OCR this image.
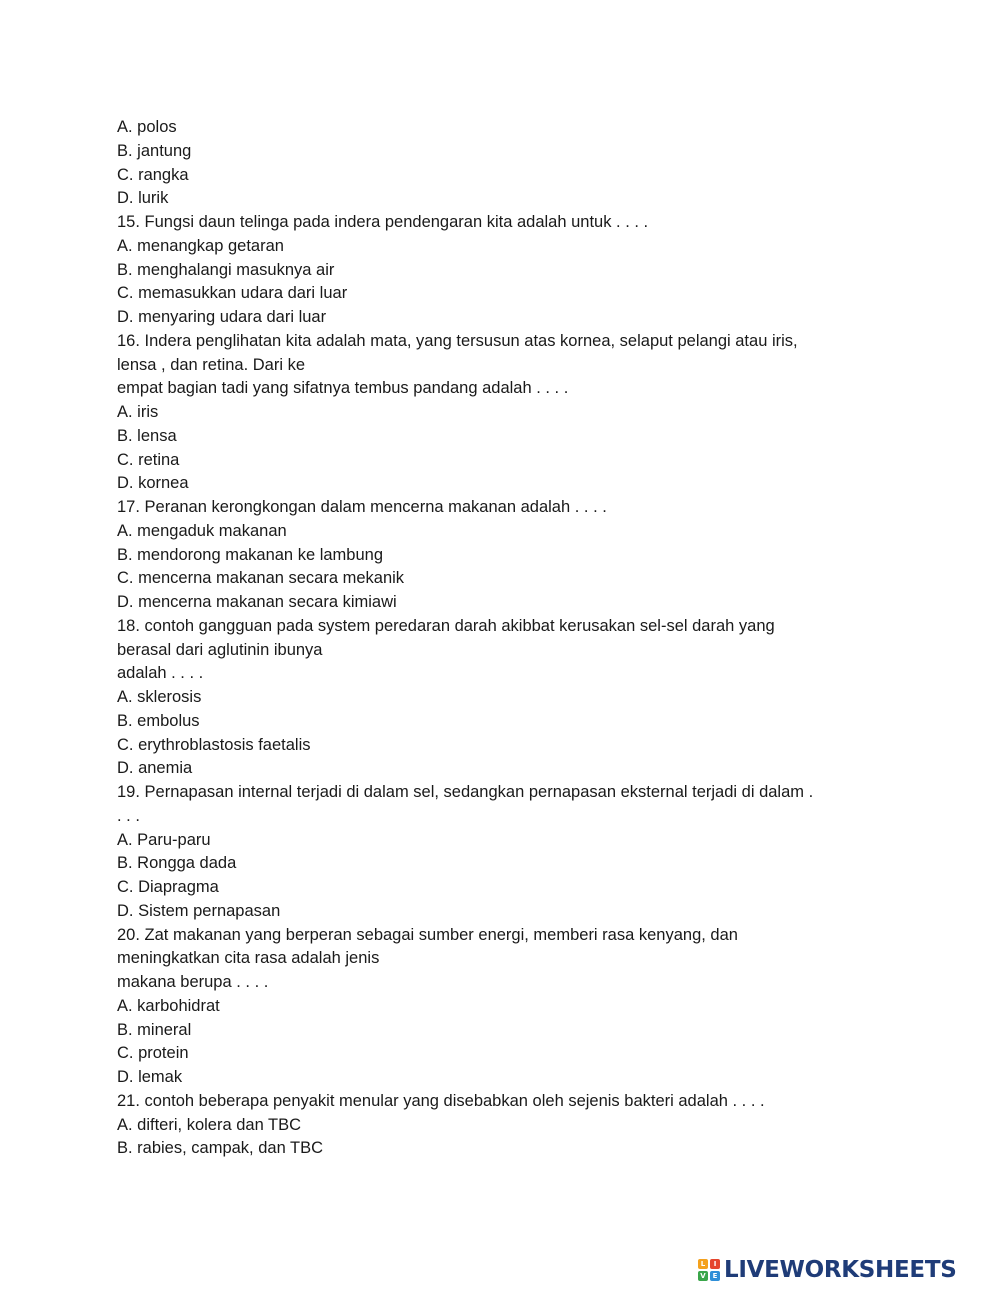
A. polos

B. jantung

C. rangka

D. lurik

15. Fungsi daun telinga pada indera pendengaran kita adalah untuk . . . .

A. menangkap getaran

B. menghalangi masuknya air

C. memasukkan udara dari luar

D. menyaring udara dari luar

16. Indera penglihatan kita adalah mata, yang tersusun atas kornea, selaput pelangi atau iris,

lensa , dan retina. Dari ke

empat bagian tadi yang sifatnya tembus pandang adalah . . . .

A. iris

B. lensa

C. retina

D. kornea

17. Peranan kerongkongan dalam mencerna makanan adalah . . . .

A. mengaduk makanan

B. mendorong makanan ke lambung

C. mencerna makanan secara mekanik

D. mencerna makanan secara kimiawi

18. contoh gangguan pada system peredaran darah akibbat kerusakan sel-sel darah yang

berasal dari aglutinin ibunya

adalah . . . .

A. sklerosis

B. embolus

C. erythroblastosis faetalis

D. anemia

19. Pernapasan internal terjadi di dalam sel, sedangkan pernapasan eksternal terjadi di dalam .

. . .

A. Paru-paru

B. Rongga dada

C. Diapragma

D. Sistem pernapasan

20. Zat makanan yang berperan sebagai sumber energi, memberi rasa kenyang, dan

meningkatkan cita rasa adalah jenis

makana berupa . . . .

A. karbohidrat

B. mineral

C. protein

D. lemak

21. contoh beberapa penyakit menular yang disebabkan oleh sejenis bakteri adalah . . . .

A. difteri, kolera dan TBC

B. rabies, campak, dan TBC

L	I
V E LIVEWORKSHEETS
